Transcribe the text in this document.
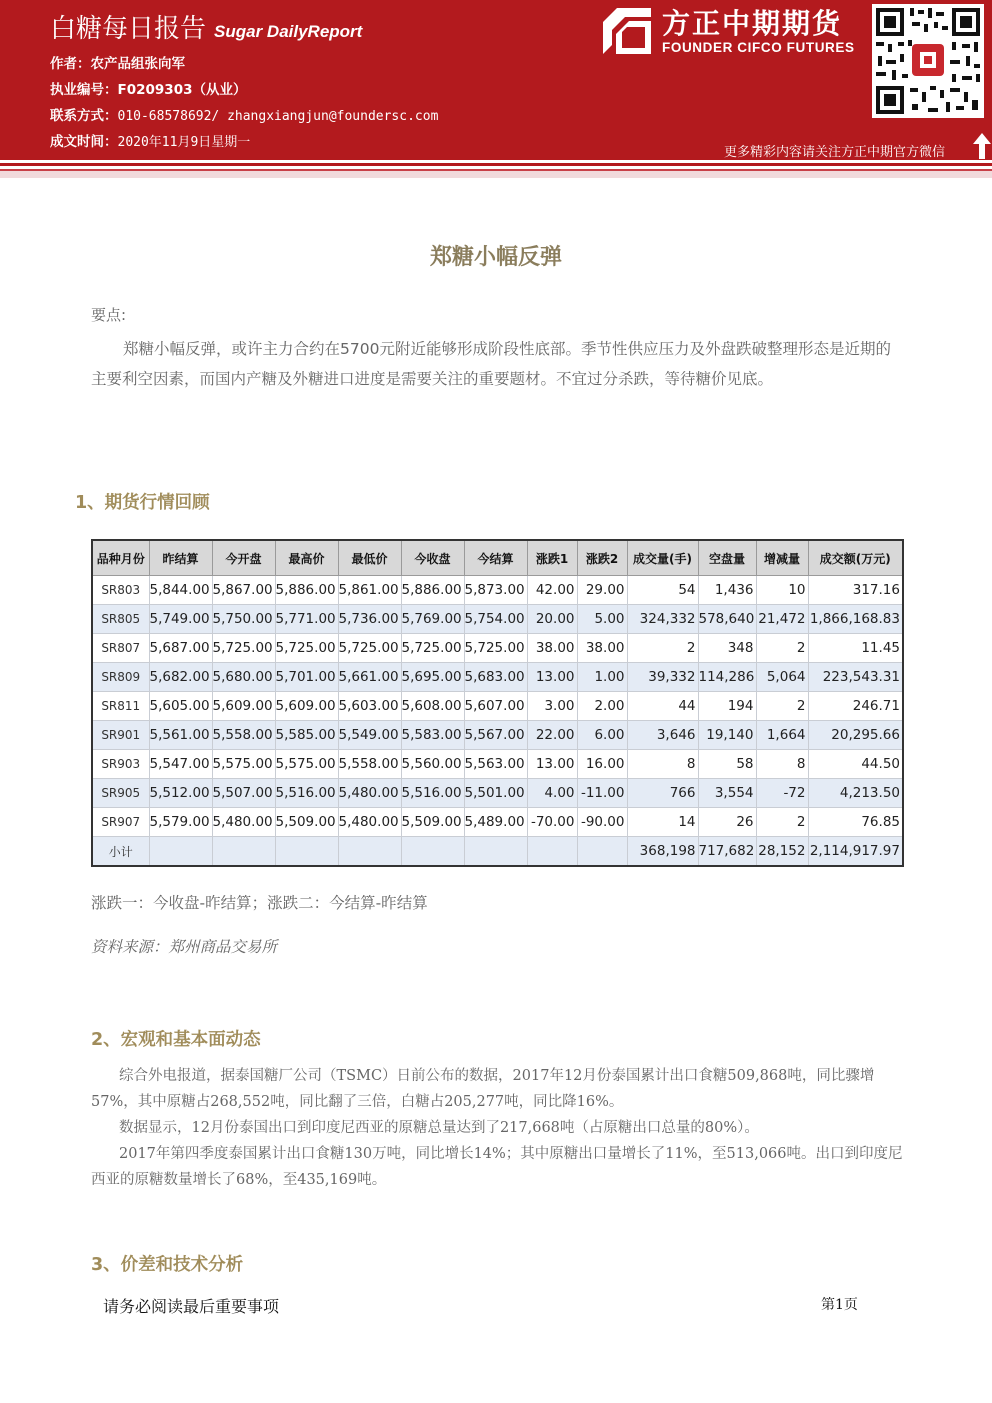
白糖每日报告 Sugar DailyReport
作者：农产品组张向军
执业编号：F0209303（从业）
联系方式：010-68578692/ zhangxiangjun@foundersc.com
成文时间：2020年11月9日星期一
方正中期期货
FOUNDER CIFCO FUTURES
更多精彩内容请关注方正中期官方微信
郑糖小幅反弹
要点:
郑糖小幅反弹，或许主力合约在5700元附近能够形成阶段性底部。季节性供应压力及外盘跌破整理形态是近期的主要利空因素，而国内产糖及外糖进口进度是需要关注的重要题材。不宜过分杀跌，等待糖价见底。
1、期货行情回顾
品种月份	昨结算	今开盘	最高价	最低价	今收盘	今结算	涨跌1	涨跌2	成交量(手)	空盘量	增减量	成交额(万元)
SR803	5,844.00	5,867.00	5,886.00	5,861.00	5,886.00	5,873.00	42.00	29.00	54	1,436	10	317.16
SR805	5,749.00	5,750.00	5,771.00	5,736.00	5,769.00	5,754.00	20.00	5.00	324,332	578,640	21,472	1,866,168.83
SR807	5,687.00	5,725.00	5,725.00	5,725.00	5,725.00	5,725.00	38.00	38.00	2	348	2	11.45
SR809	5,682.00	5,680.00	5,701.00	5,661.00	5,695.00	5,683.00	13.00	1.00	39,332	114,286	5,064	223,543.31
SR811	5,605.00	5,609.00	5,609.00	5,603.00	5,608.00	5,607.00	3.00	2.00	44	194	2	246.71
SR901	5,561.00	5,558.00	5,585.00	5,549.00	5,583.00	5,567.00	22.00	6.00	3,646	19,140	1,664	20,295.66
SR903	5,547.00	5,575.00	5,575.00	5,558.00	5,560.00	5,563.00	13.00	16.00	8	58	8	44.50
SR905	5,512.00	5,507.00	5,516.00	5,480.00	5,516.00	5,501.00	4.00	-11.00	766	3,554	-72	4,213.50
SR907	5,579.00	5,480.00	5,509.00	5,480.00	5,509.00	5,489.00	-70.00	-90.00	14	26	2	76.85
小计									368,198	717,682	28,152	2,114,917.97
涨跌一：今收盘-昨结算；涨跌二：今结算-昨结算
资料来源：郑州商品交易所
2、宏观和基本面动态

综合外电报道，据泰国糖厂公司（TSMC）日前公布的数据，2017年12月份泰国累计出口食糖509,868吨，同比骤增57%，其中原糖占268,552吨，同比翻了三倍，白糖占205,277吨，同比降16%。

数据显示，12月份泰国出口到印度尼西亚的原糖总量达到了217,668吨（占原糖出口总量的80%）。

2017年第四季度泰国累计出口食糖130万吨，同比增长14%；其中原糖出口量增长了11%，至513,066吨。出口到印度尼西亚的原糖数量增长了68%，至435,169吨。

3、价差和技术分析
请务必阅读最后重要事项	第1页
